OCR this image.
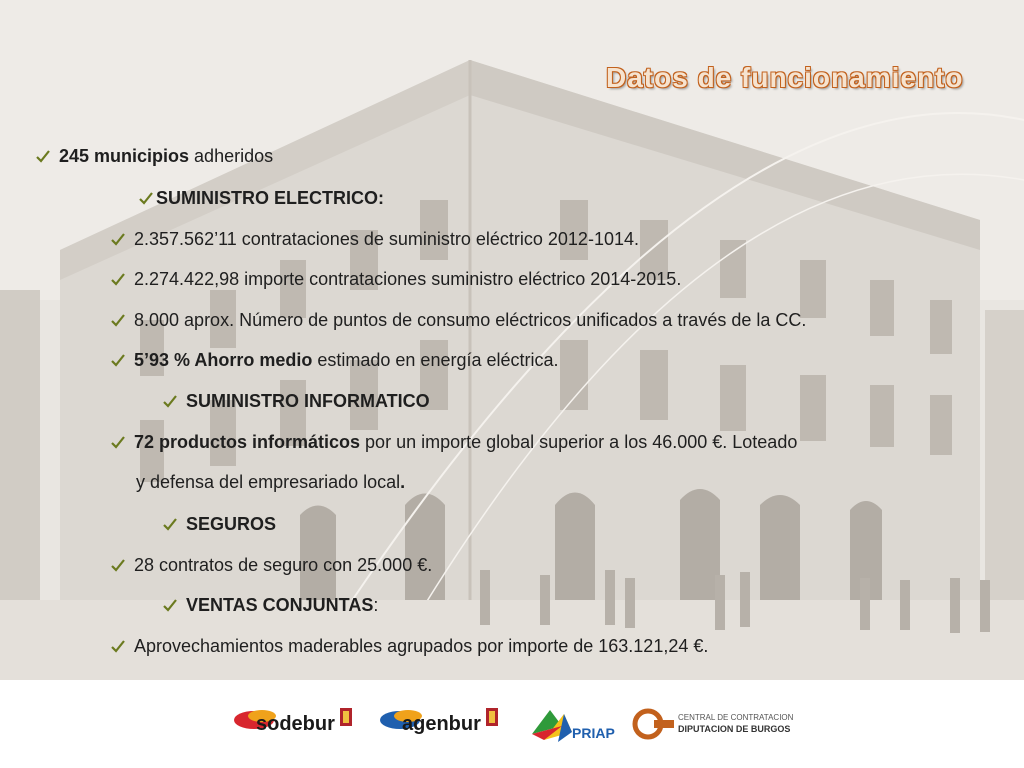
Datos de funcionamiento
245 municipios adheridos
SUMINISTRO ELECTRICO:
2.357.562’11 contrataciones de suministro eléctrico 2012-1014.
2.274.422,98 importe contrataciones suministro eléctrico 2014-2015.
8.000 aprox. Número de puntos de consumo eléctricos unificados a través de la CC.
5’93 % Ahorro medio estimado en energía eléctrica.
SUMINISTRO INFORMATICO
72 productos informáticos por un importe global superior a los 46.000 €. Loteado
y defensa del empresariado local.
SEGUROS
28 contratos de seguro con 25.000 €.
VENTAS CONJUNTAS:
Aprovechamientos maderables agrupados por importe de 163.121,24 €.
sodebur	agenbur	PRIAP
CENTRAL DE CONTRATACION
DIPUTACION DE BURGOS
